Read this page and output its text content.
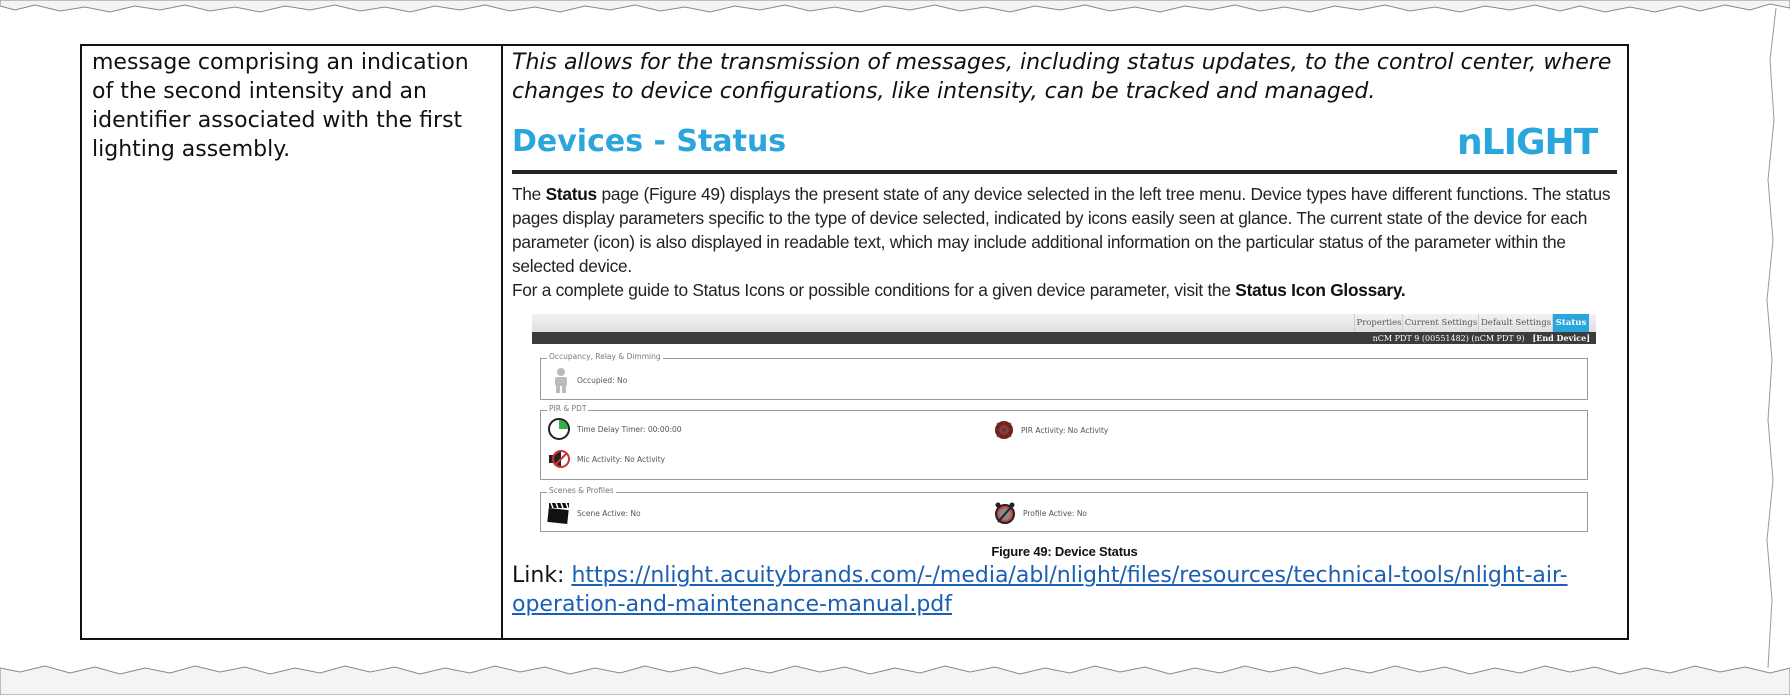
message comprising an indication of the second intensity and an identifier associated with the first lighting assembly.
This allows for the transmission of messages, including status updates, to the control center, where changes to device configurations, like intensity, can be tracked and managed.
Devices - Status	nLIGHT
The Status page (Figure 49) displays the present state of any device selected in the left tree menu. Device types have different functions. The status pages display parameters specific to the type of device selected, indicated by icons easily seen at glance. The current state of the device for each parameter (icon) is also displayed in readable text, which may include additional information on the particular status of the parameter within the selected device.
For a complete guide to Status Icons or possible conditions for a given device parameter, visit the Status Icon Glossary.
Properties Current Settings Default Settings Status
nCM PDT 9 (00551482) (nCM PDT 9) [End Device]
Occupancy, Relay & Dimming
Occupied: No
PIR & PDT
Time Delay Timer: 00:00:00	PIR Activity: No Activity
Mic Activity: No Activity
Scenes & Profiles
Scene Active: No	Profile Active: No
Figure 49: Device Status
Link: https://nlight.acuitybrands.com/-/media/abl/nlight/files/resources/technical-tools/nlight-air-
operation-and-maintenance-manual.pdf
